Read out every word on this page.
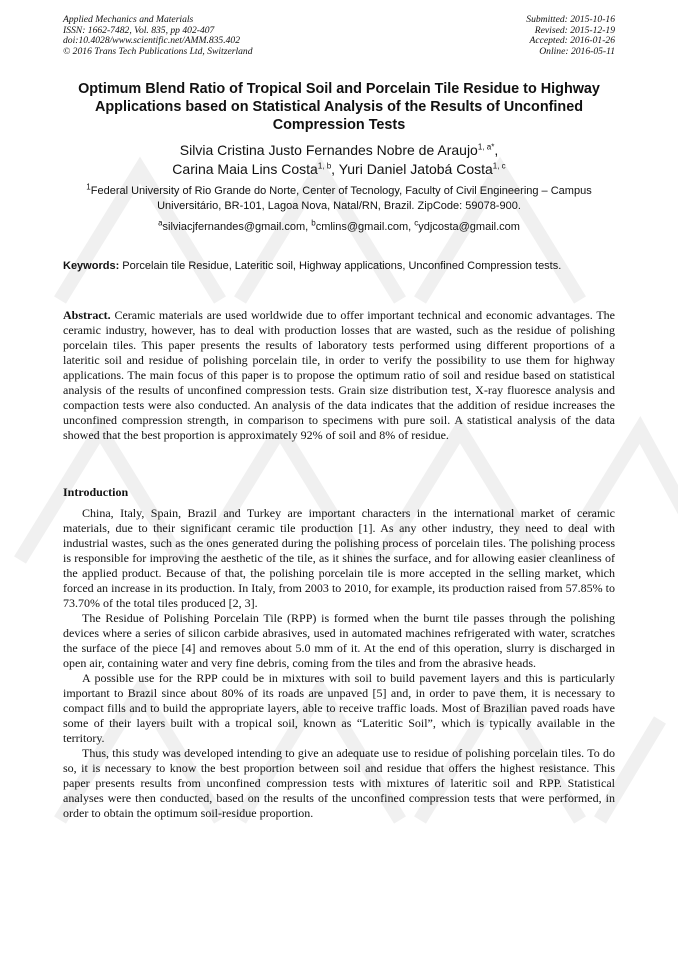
Applied Mechanics and Materials
ISSN: 1662-7482, Vol. 835, pp 402-407
doi:10.4028/www.scientific.net/AMM.835.402
© 2016 Trans Tech Publications Ltd, Switzerland
Submitted: 2015-10-16
Revised: 2015-12-19
Accepted: 2016-01-26
Online: 2016-05-11
Optimum Blend Ratio of Tropical Soil and Porcelain Tile Residue to Highway Applications based on Statistical Analysis of the Results of Unconfined Compression Tests
Silvia Cristina Justo Fernandes Nobre de Araujo$^{1, a*}$,
Carina Maia Lins Costa$^{1, b}$, Yuri Daniel Jatobá Costa$^{1, c}$
$^1$Federal University of Rio Grande do Norte, Center of Tecnology, Faculty of Civil Engineering – Campus Universitário, BR-101, Lagoa Nova, Natal/RN, Brazil. ZipCode: 59078-900.
$^a$silviacjfernandes@gmail.com, $^b$cmlins@gmail.com, $^c$ydjcosta@gmail.com

Keywords: Porcelain tile Residue, Lateritic soil, Highway applications, Unconfined Compression tests.

Abstract. Ceramic materials are used worldwide due to offer important technical and economic advantages. The ceramic industry, however, has to deal with production losses that are wasted, such as the residue of polishing porcelain tiles. This paper presents the results of laboratory tests performed using different proportions of a lateritic soil and residue of polishing porcelain tile, in order to verify the possibility to use them for highway applications. The main focus of this paper is to propose the optimum ratio of soil and residue based on statistical analysis of the results of unconfined compression tests. Grain size distribution test, X-ray fluoresce analysis and compaction tests were also conducted. An analysis of the data indicates that the addition of residue increases the unconfined compression strength, in comparison to specimens with pure soil. A statistical analysis of the data showed that the best proportion is approximately 92% of soil and 8% of residue.

Introduction

China, Italy, Spain, Brazil and Turkey are important characters in the international market of ceramic materials, due to their significant ceramic tile production [1]. As any other industry, they need to deal with industrial wastes, such as the ones generated during the polishing process of porcelain tiles. The polishing process is responsible for improving the aesthetic of the tile, as it shines the surface, and for allowing easier cleanliness of the applied product. Because of that, the polishing porcelain tile is more accepted in the selling market, which forced an increase in its production. In Italy, from 2003 to 2010, for example, its production raised from 57.85% to 73.70% of the total tiles produced [2, 3].

The Residue of Polishing Porcelain Tile (RPP) is formed when the burnt tile passes through the polishing devices where a series of silicon carbide abrasives, used in automated machines refrigerated with water, scratches the surface of the piece [4] and removes about 5.0 mm of it. At the end of this operation, slurry is discharged in open air, containing water and very fine debris, coming from the tiles and from the abrasive heads.

A possible use for the RPP could be in mixtures with soil to build pavement layers and this is particularly important to Brazil since about 80% of its roads are unpaved [5] and, in order to pave them, it is necessary to compact fills and to build the appropriate layers, able to receive traffic loads. Most of Brazilian paved roads have some of their layers built with a tropical soil, known as “Lateritic Soil”, which is typically available in the territory.

Thus, this study was developed intending to give an adequate use to residue of polishing porcelain tiles. To do so, it is necessary to know the best proportion between soil and residue that offers the highest resistance. This paper presents results from unconfined compression tests with mixtures of lateritic soil and RPP. Statistical analyses were then conducted, based on the results of the unconfined compression tests that were performed, in order to obtain the optimum soil-residue proportion.
